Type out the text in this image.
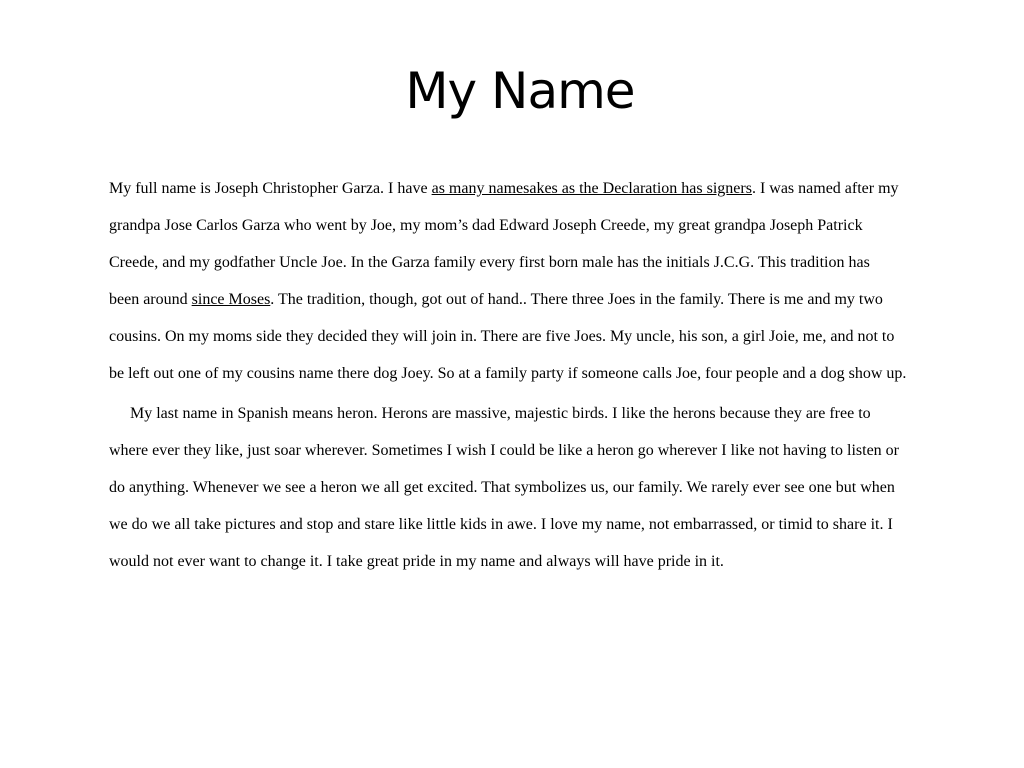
My Name
My full name is Joseph Christopher Garza. I have as many namesakes as the Declaration has signers. I was named after my
grandpa Jose Carlos Garza who went by Joe, my mom’s dad Edward Joseph Creede, my great grandpa Joseph Patrick
Creede, and my godfather Uncle Joe. In the Garza family every first born male has the initials J.C.G. This tradition has
been around since Moses. The tradition, though, got out of hand.. There three Joes in the family. There is me and my two
cousins. On my moms side they decided they will join in. There are five Joes. My uncle, his son, a girl Joie, me, and not to
be left out one of my cousins name there dog Joey. So at a family party if someone calls Joe, four people and a dog show up.
My last name in Spanish means heron. Herons are massive, majestic birds. I like the herons because they are free to
where ever they like, just soar wherever. Sometimes I wish I could be like a heron go wherever I like not having to listen or
do anything. Whenever we see a heron we all get excited. That symbolizes us, our family. We rarely ever see one but when
we do we all take pictures and stop and stare like little kids in awe. I love my name, not embarrassed, or timid to share it. I
would not ever want to change it. I take great pride in my name and always will have pride in it.
